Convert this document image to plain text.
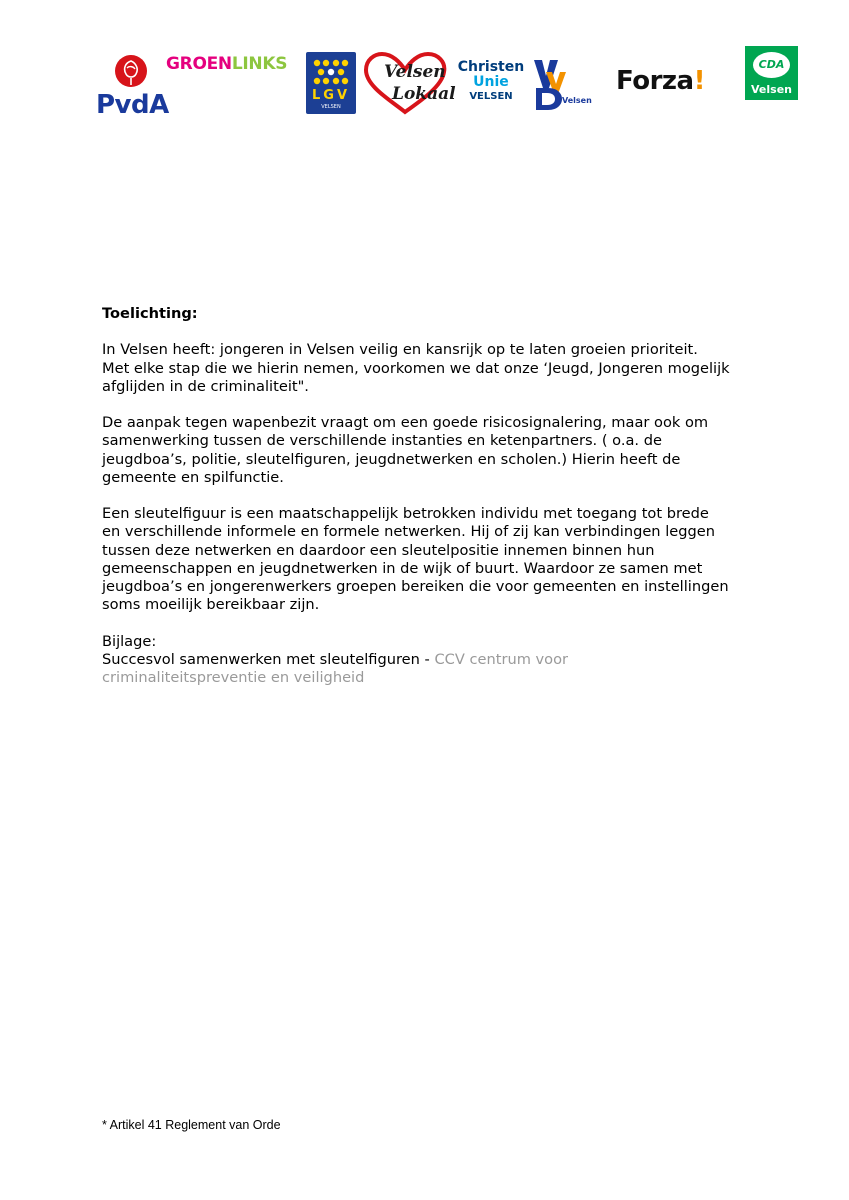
PvdA
GROENLINKS
LGV
VELSEN
Velsen
Lokaal
Christen
Unie
VELSEN	Velsen
Forza!
CDA
Velsen
Toelichting:
In Velsen heeft: jongeren in Velsen veilig en kansrijk op te laten groeien prioriteit.
Met elke stap die we hierin nemen, voorkomen we dat onze ‘Jeugd, Jongeren mogelijk
afglijden in de criminaliteit".
De aanpak tegen wapenbezit vraagt om een goede risicosignalering, maar ook om
samenwerking tussen de verschillende instanties en ketenpartners. ( o.a. de
jeugdboa’s, politie, sleutelfiguren, jeugdnetwerken en scholen.) Hierin heeft de
gemeente en spilfunctie.
Een sleutelfiguur is een maatschappelijk betrokken individu met toegang tot brede
en verschillende informele en formele netwerken. Hij of zij kan verbindingen leggen
tussen deze netwerken en daardoor een sleutelpositie innemen binnen hun
gemeenschappen en jeugdnetwerken in de wijk of buurt. Waardoor ze samen met
jeugdboa’s en jongerenwerkers groepen bereiken die voor gemeenten en instellingen
soms moeilijk bereikbaar zijn.
Bijlage:
Succesvol samenwerken met sleutelfiguren - CCV centrum voor
criminaliteitspreventie en veiligheid
* Artikel 41 Reglement van Orde
